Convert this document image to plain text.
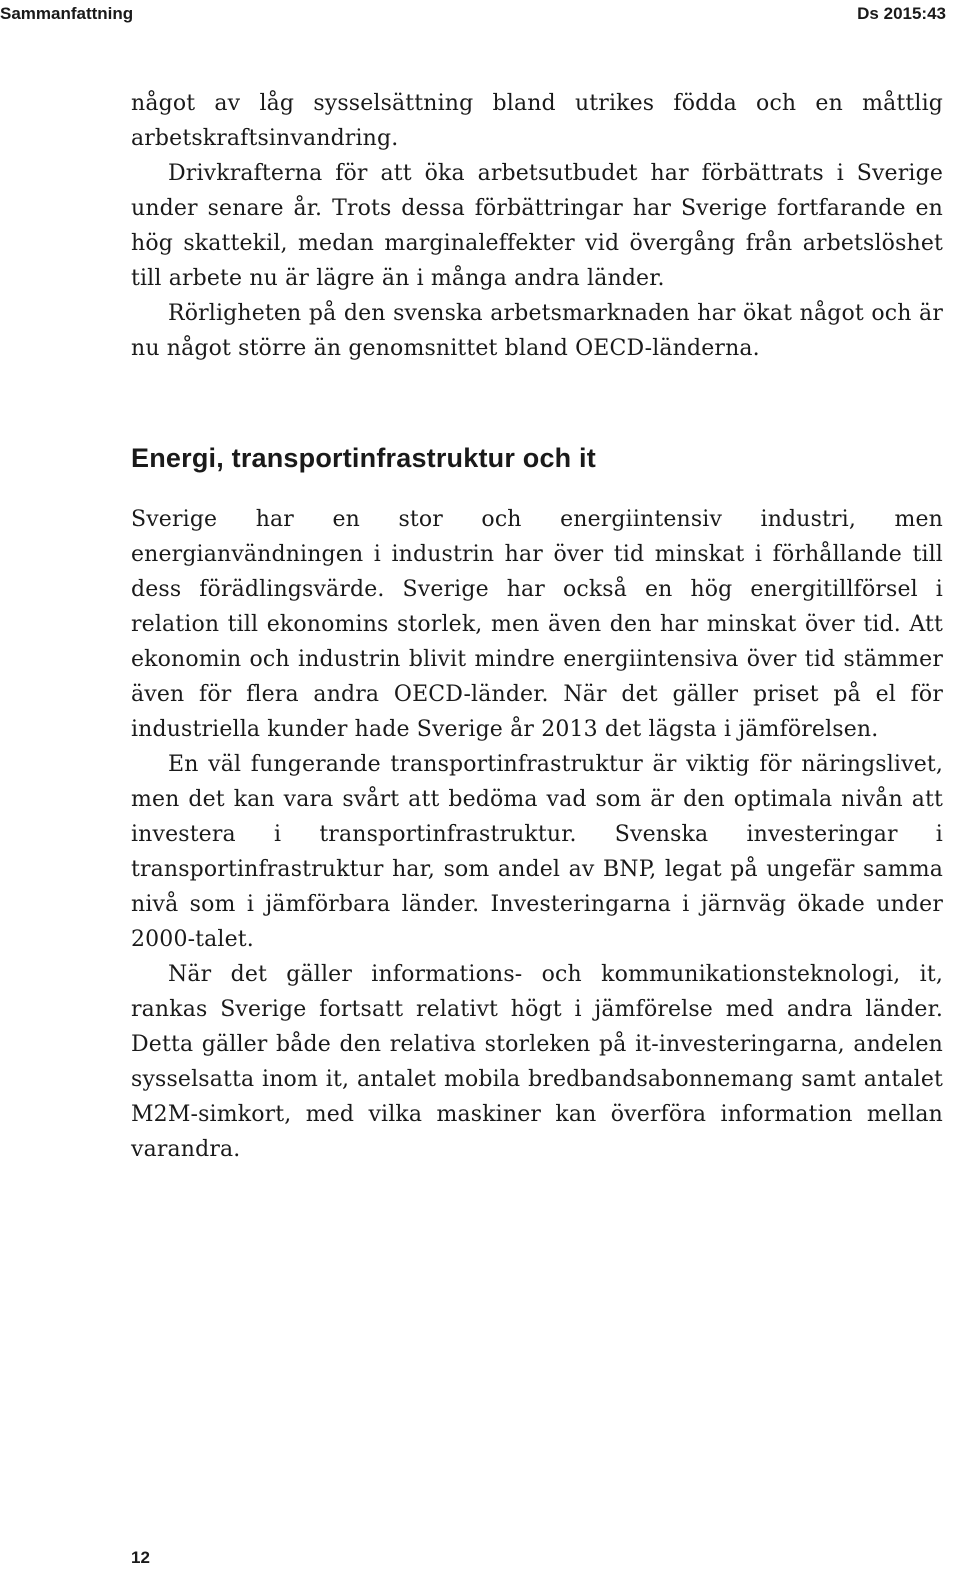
Sammanfattning	Ds 2015:43

något av låg sysselsättning bland utrikes födda och en måttlig arbetskraftsinvandring.

Drivkrafterna för att öka arbetsutbudet har förbättrats i Sverige under senare år. Trots dessa förbättringar har Sverige fortfarande en hög skattekil, medan marginaleffekter vid övergång från arbetslöshet till arbete nu är lägre än i många andra länder.

Rörligheten på den svenska arbetsmarknaden har ökat något och är nu något större än genomsnittet bland OECD-länderna.

Energi, transportinfrastruktur och it

Sverige har en stor och energiintensiv industri, men energianvändningen i industrin har över tid minskat i förhållande till dess förädlingsvärde. Sverige har också en hög energitillförsel i relation till ekonomins storlek, men även den har minskat över tid. Att ekonomin och industrin blivit mindre energiintensiva över tid stämmer även för flera andra OECD-länder. När det gäller priset på el för industriella kunder hade Sverige år 2013 det lägsta i jämförelsen.

En väl fungerande transportinfrastruktur är viktig för näringslivet, men det kan vara svårt att bedöma vad som är den optimala nivån att investera i transportinfrastruktur. Svenska investeringar i transportinfrastruktur har, som andel av BNP, legat på ungefär samma nivå som i jämförbara länder. Investeringarna i järnväg ökade under 2000-talet.

När det gäller informations- och kommunikationsteknologi, it, rankas Sverige fortsatt relativt högt i jämförelse med andra länder. Detta gäller både den relativa storleken på it-investeringarna, andelen sysselsatta inom it, antalet mobila bredbandsabonnemang samt antalet M2M-simkort, med vilka maskiner kan överföra information mellan varandra.

12
